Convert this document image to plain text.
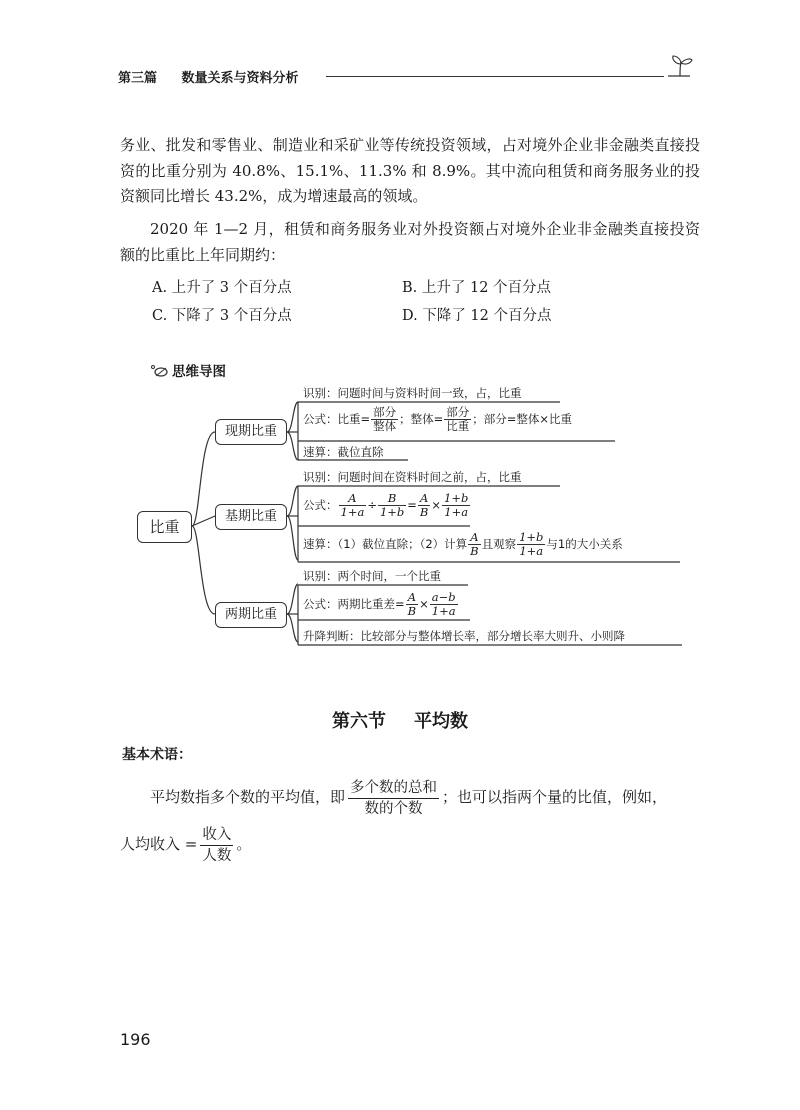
第三篇 数量关系与资料分析
务业、批发和零售业、制造业和采矿业等传统投资领域，占对境外企业非金融类直接投资的比重分别为 40.8%、15.1%、11.3% 和 8.9%。其中流向租赁和商务服务业的投资额同比增长 43.2%，成为增速最高的领域。
2020 年 1—2 月，租赁和商务服务业对外投资额占对境外企业非金融类直接投资额的比重比上年同期约：
A. 上升了 3 个百分点	B. 上升了 12 个百分点
C. 下降了 3 个百分点	D. 下降了 12 个百分点
思维导图
比重
现期比重
基期比重
两期比重
识别：问题时间与资料时间一致，占，比重
公式：比重= $\frac{\text{部分}}{\text{整体}}$ ；整体= $\frac{\text{部分}}{\text{比重}}$ ；部分=整体×比重
速算：截位直除
识别：问题时间在资料时间之前，占，比重
公式： $\frac{A}{1+a} \div \frac{B}{1+b} = \frac{A}{B} \times \frac{1+b}{1+a}$
速算：（1）截位直除；（2）计算 $\frac{A}{B}$ 且观察 $\frac{1+b}{1+a}$ 与1的大小关系
识别：两个时间，一个比重
公式：两期比重差= $\frac{A}{B} \times \frac{a-b}{1+a}$
升降判断：比较部分与整体增长率，部分增长率大则升、小则降
第六节 平均数
基本术语：
平均数指多个数的平均值，即
多个数的总和
数的个数
；也可以指两个量的比值，例如，
人均收入 =
收入
人数
。
196
